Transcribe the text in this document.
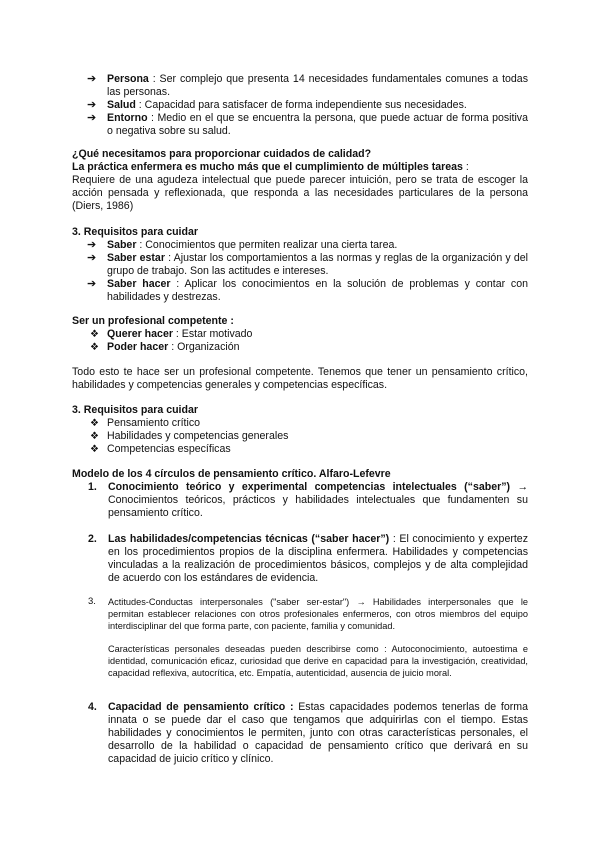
➔ Persona : Ser complejo que presenta 14 necesidades fundamentales comunes a todas las personas.
➔ Salud : Capacidad para satisfacer de forma independiente sus necesidades.
➔ Entorno : Medio en el que se encuentra la persona, que puede actuar de forma positiva o negativa sobre su salud.
¿Qué necesitamos para proporcionar cuidados de calidad?
La práctica enfermera es mucho más que el cumplimiento de múltiples tareas :
Requiere de una agudeza intelectual que puede parecer intuición, pero se trata de escoger la acción pensada y reflexionada, que responda a las necesidades particulares de la persona (Diers, 1986)
3. Requisitos para cuidar
➔ Saber : Conocimientos que permiten realizar una cierta tarea.
➔ Saber estar : Ajustar los comportamientos a las normas y reglas de la organización y del grupo de trabajo. Son las actitudes e intereses.
➔ Saber hacer : Aplicar los conocimientos en la solución de problemas y contar con habilidades y destrezas.
Ser un profesional competente :
❖ Querer hacer : Estar motivado
❖ Poder hacer : Organización
Todo esto te hace ser un profesional competente. Tenemos que tener un pensamiento crítico, habilidades y competencias generales y competencias específicas.
3. Requisitos para cuidar
❖ Pensamiento crítico
❖ Habilidades y competencias generales
❖ Competencias específicas
Modelo de los 4 círculos de pensamiento crítico. Alfaro-Lefevre
1. Conocimiento teórico y experimental competencias intelectuales (“saber”) → Conocimientos teóricos, prácticos y habilidades intelectuales que fundamenten su pensamiento crítico.
2. Las habilidades/competencias técnicas (“saber hacer”) : El conocimiento y expertez en los procedimientos propios de la disciplina enfermera. Habilidades y competencias vinculadas a la realización de procedimientos básicos, complejos y de alta complejidad de acuerdo con los estándares de evidencia.
3. Actitudes-Conductas interpersonales ("saber ser-estar") → Habilidades interpersonales que le permitan establecer relaciones con otros profesionales enfermeros, con otros miembros del equipo interdisciplinar del que forma parte, con paciente, familia y comunidad.
Características personales deseadas pueden describirse como : Autoconocimiento, autoestima e identidad, comunicación eficaz, curiosidad que derive en capacidad para la investigación, creatividad, capacidad reflexiva, autocrítica, etc. Empatía, autenticidad, ausencia de juicio moral.
4. Capacidad de pensamiento crítico : Estas capacidades podemos tenerlas de forma innata o se puede dar el caso que tengamos que adquirirlas con el tiempo. Estas habilidades y conocimientos le permiten, junto con otras características personales, el desarrollo de la habilidad o capacidad de pensamiento crítico que derivará en su capacidad de juicio crítico y clínico.
